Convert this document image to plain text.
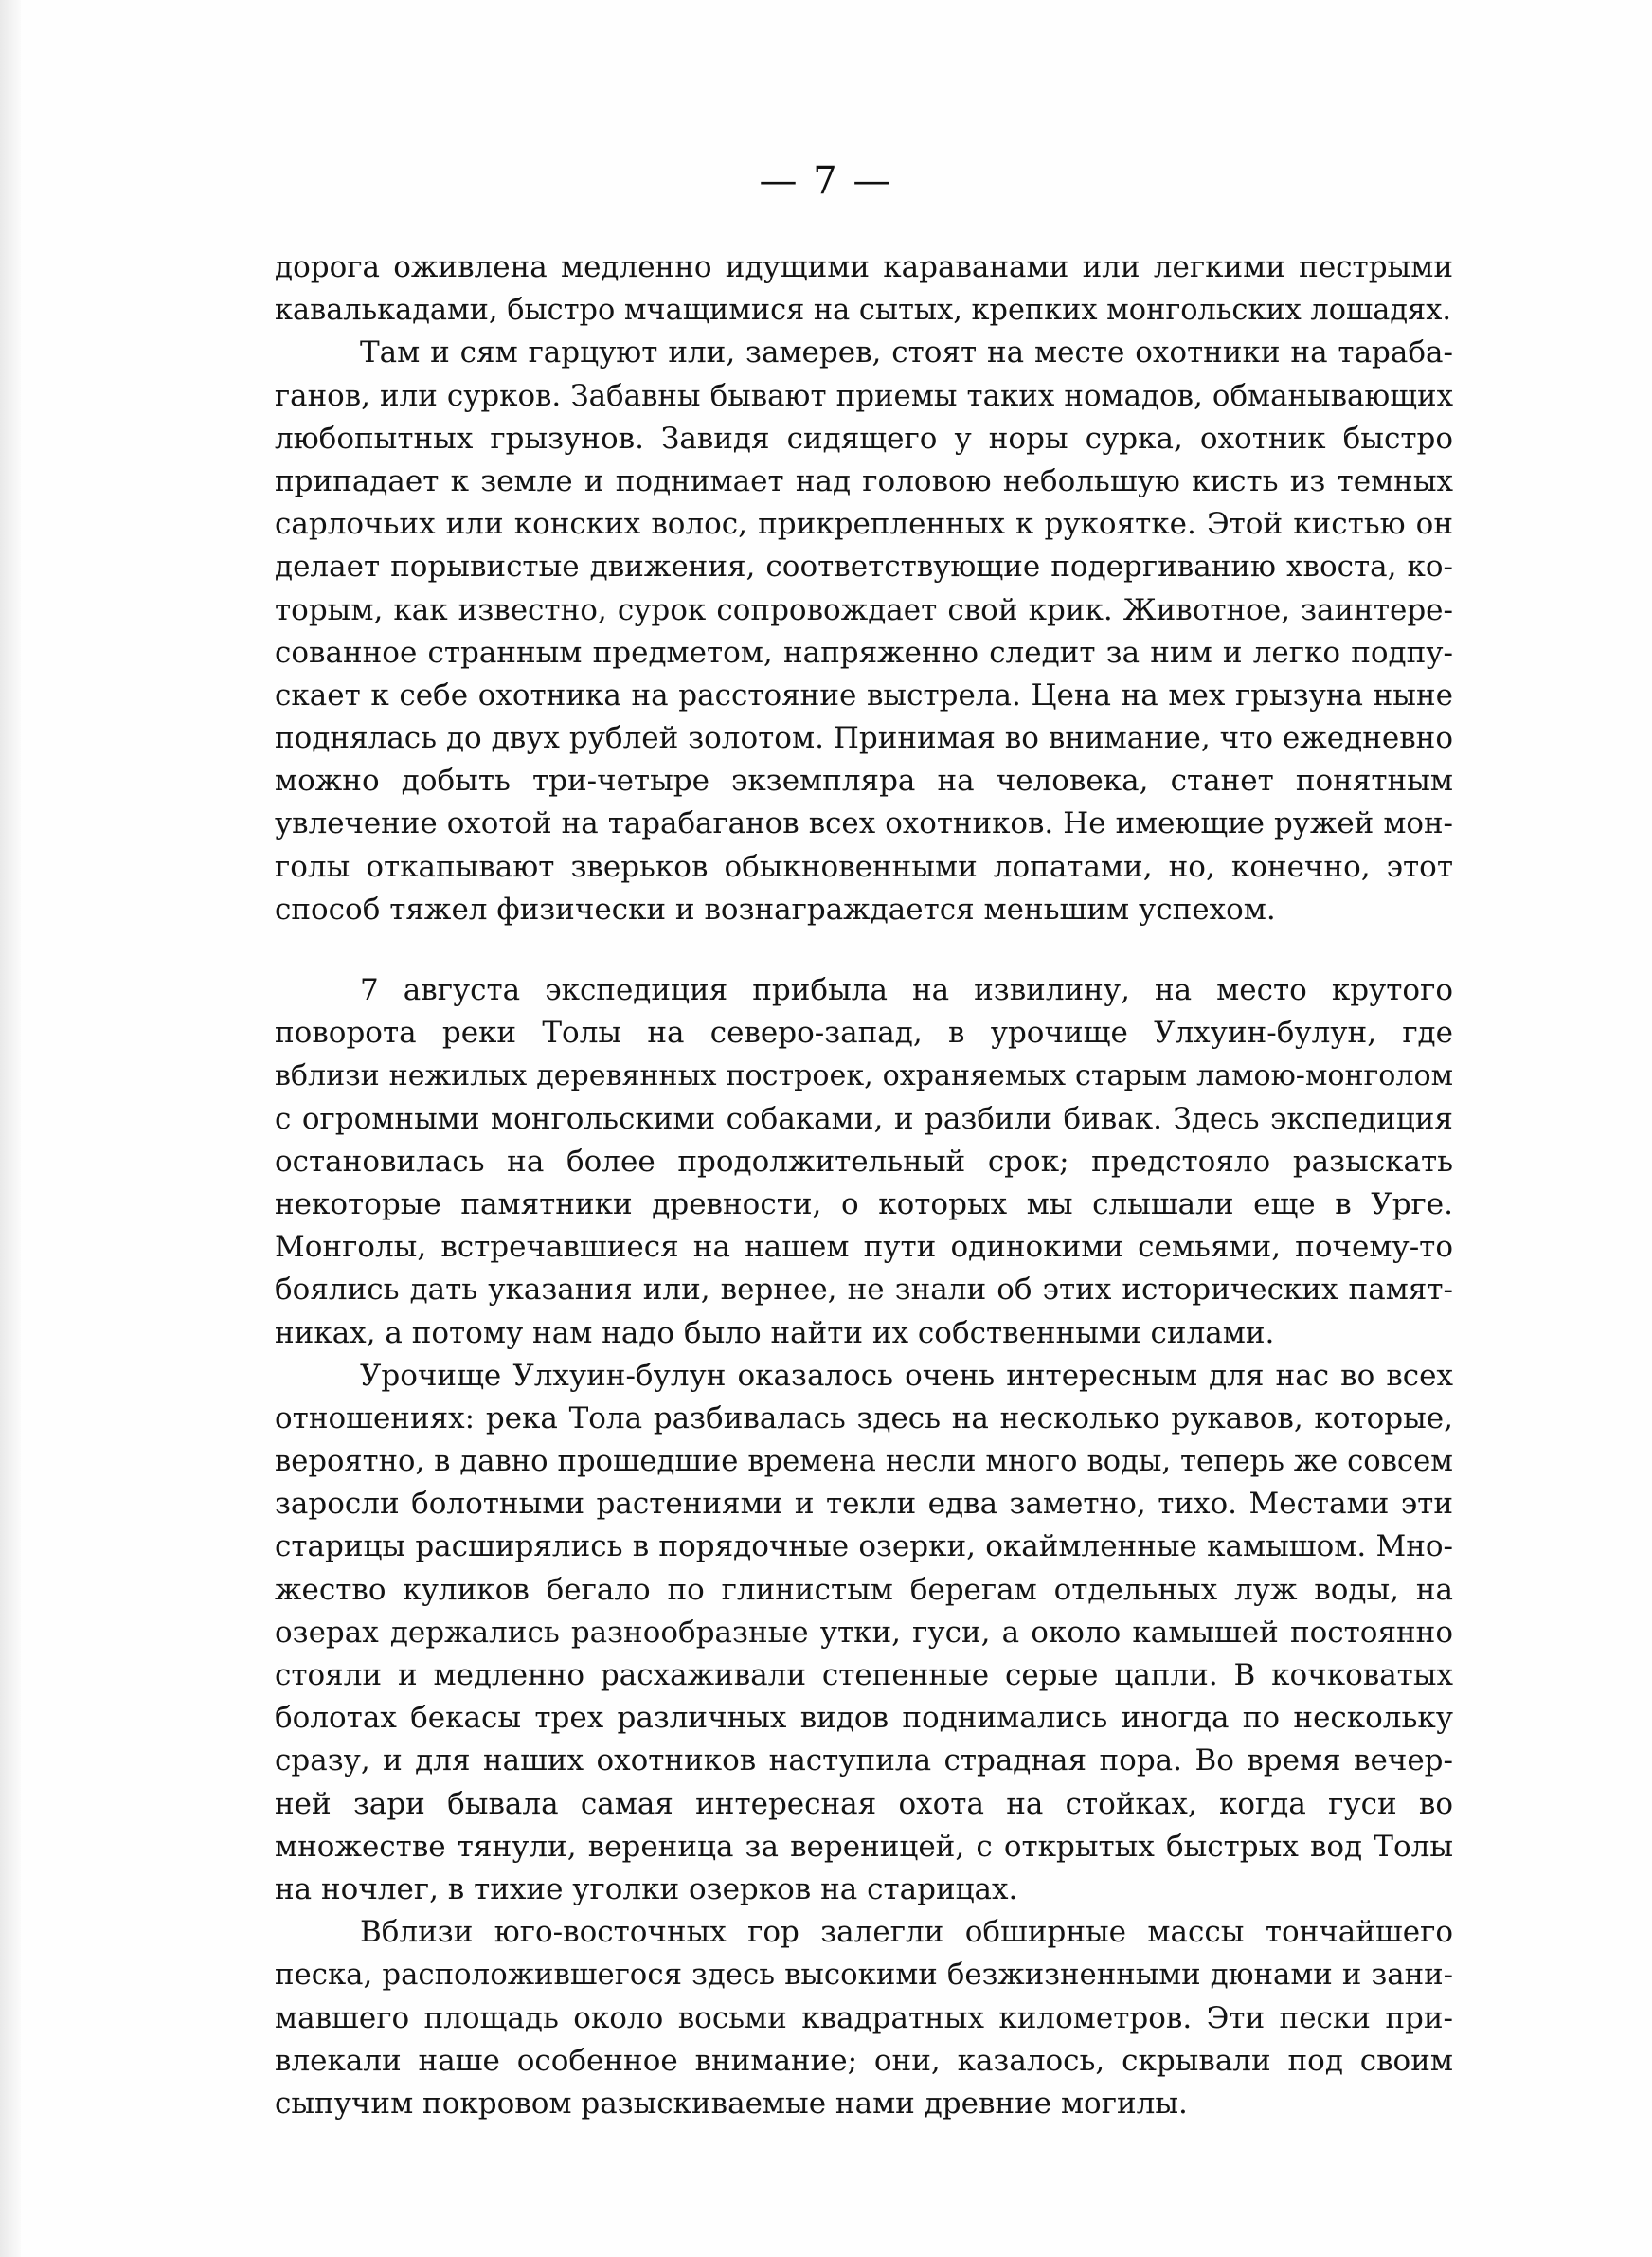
— 7 —
дорога оживлена медленно идущими караванами или легкими пестрыми
кавалькадами, быстро мчащимися на сытых, крепких монгольских лошадях.
Там и сям гарцуют или, замерев, стоят на месте охотники на тараба-
ганов, или сурков. Забавны бывают приемы таких номадов, обманывающих
любопытных грызунов. Завидя сидящего у норы сурка, охотник быстро
припадает к земле и поднимает над головою небольшую кисть из темных
сарлочьих или конских волос, прикрепленных к рукоятке. Этой кистью он
делает порывистые движения, соответствующие подергиванию хвоста, ко-
торым, как известно, сурок сопровождает свой крик. Животное, заинтере-
сованное странным предметом, напряженно следит за ним и легко подпу-
скает к себе охотника на расстояние выстрела. Цена на мех грызуна ныне
поднялась до двух рублей золотом. Принимая во внимание, что ежедневно
можно добыть три-четыре экземпляра на человека, станет понятным
увлечение охотой на тарабаганов всех охотников. Не имеющие ружей мон-
голы откапывают зверьков обыкновенными лопатами, но, конечно, этот
способ тяжел физически и вознаграждается меньшим успехом.
7 августа экспедиция прибыла на извилину, на место крутого
поворота реки Толы на северо-запад, в урочище Улхуин-булун, где
вблизи нежилых деревянных построек, охраняемых старым ламою-монголом
с огромными монгольскими собаками, и разбили бивак. Здесь экспедиция
остановилась на более продолжительный срок; предстояло разыскать
некоторые памятники древности, о которых мы слышали еще в Урге.
Монголы, встречавшиеся на нашем пути одинокими семьями, почему-то
боялись дать указания или, вернее, не знали об этих исторических памят-
никах, а потому нам надо было найти их собственными силами.
Урочище Улхуин-булун оказалось очень интересным для нас во всех
отношениях: река Тола разбивалась здесь на несколько рукавов, которые,
вероятно, в давно прошедшие времена несли много воды, теперь же совсем
заросли болотными растениями и текли едва заметно, тихо. Местами эти
старицы расширялись в порядочные озерки, окаймленные камышом. Мно-
жество куликов бегало по глинистым берегам отдельных луж воды, на
озерах держались разнообразные утки, гуси, а около камышей постоянно
стояли и медленно расхаживали степенные серые цапли. В кочковатых
болотах бекасы трех различных видов поднимались иногда по нескольку
сразу, и для наших охотников наступила страдная пора. Во время вечер-
ней зари бывала самая интересная охота на стойках, когда гуси во
множестве тянули, вереница за вереницей, с открытых быстрых вод Толы
на ночлег, в тихие уголки озерков на старицах.
Вблизи юго-восточных гор залегли обширные массы тончайшего
песка, расположившегося здесь высокими безжизненными дюнами и зани-
мавшего площадь около восьми квадратных километров. Эти пески при-
влекали наше особенное внимание; они, казалось, скрывали под своим
сыпучим покровом разыскиваемые нами древние могилы.
